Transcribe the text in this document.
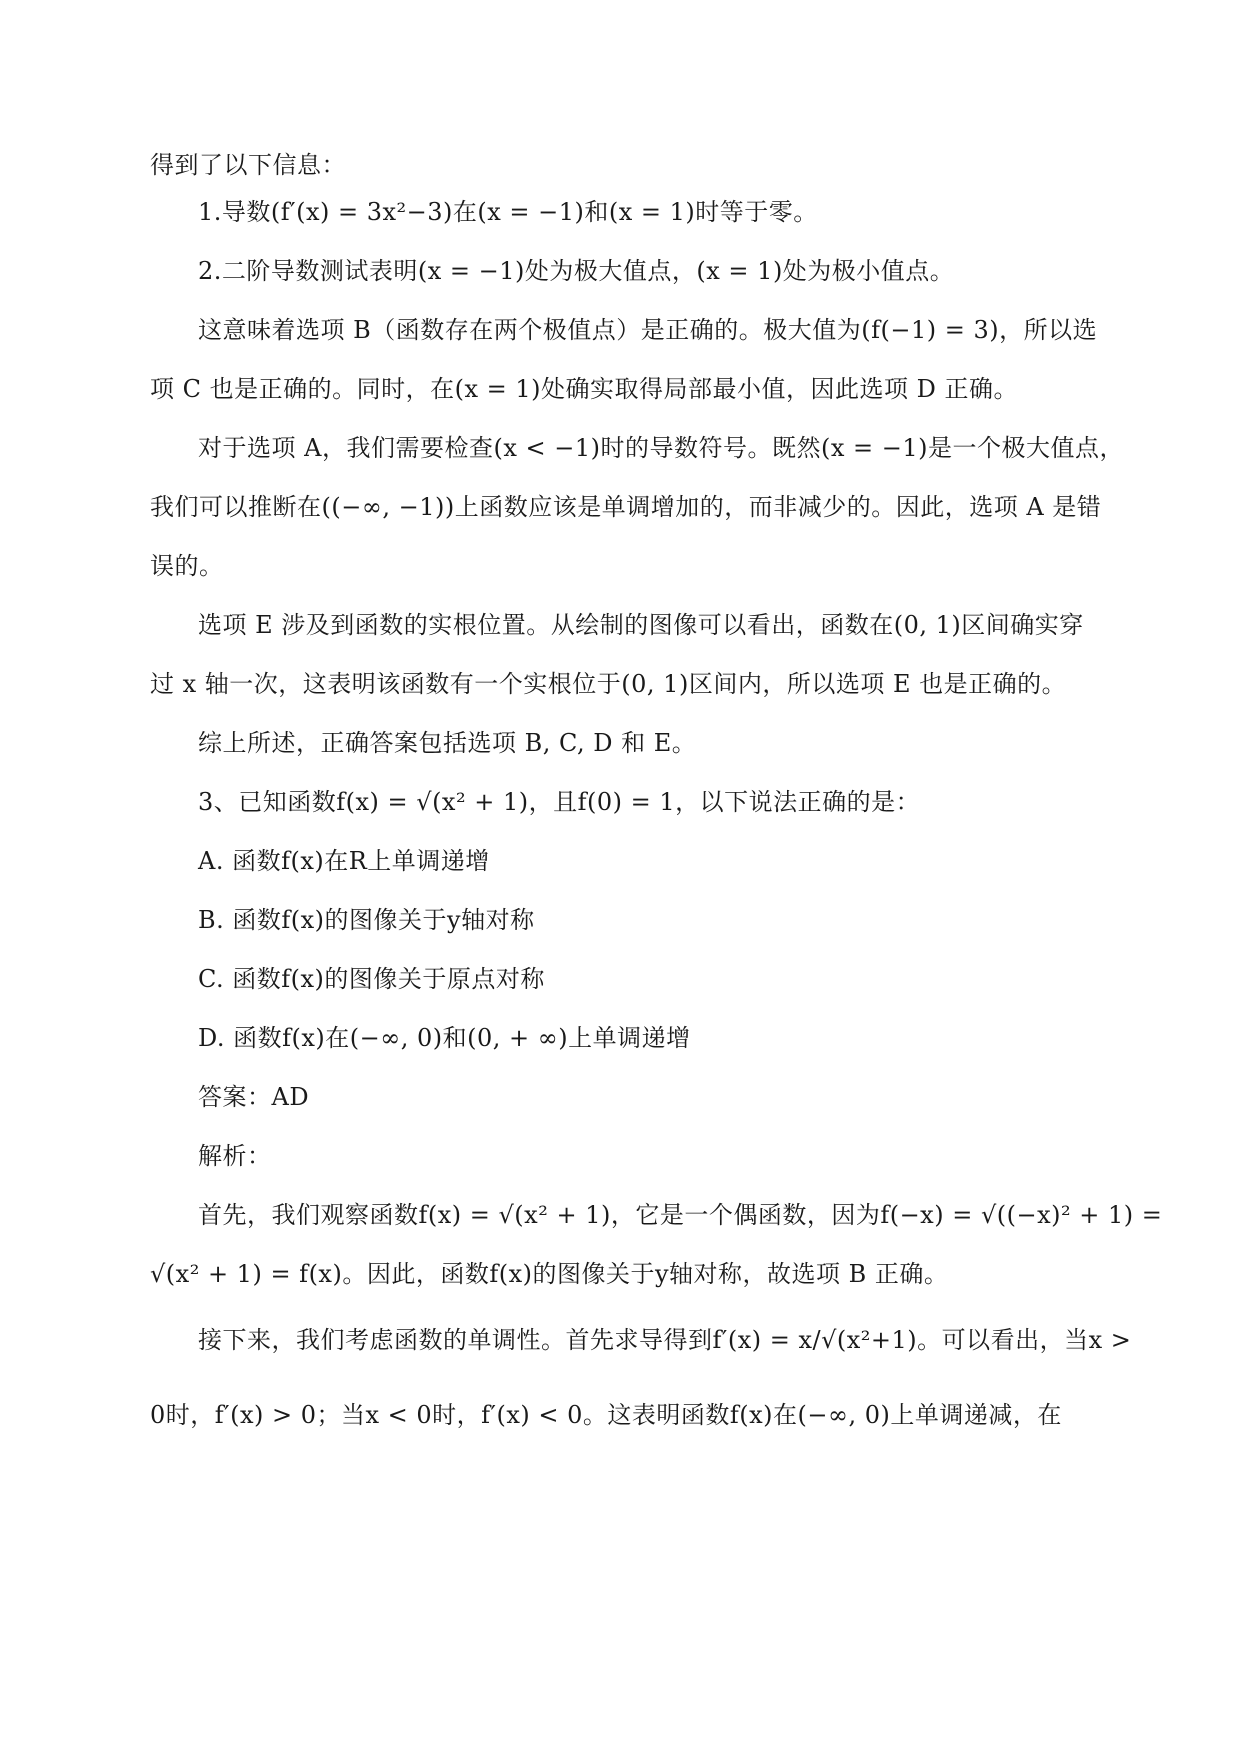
得到了以下信息：
1.导数(f′(x) = 3x²−3)在(x = −1)和(x = 1)时等于零。
2.二阶导数测试表明(x = −1)处为极大值点，(x = 1)处为极小值点。
这意味着选项 B（函数存在两个极值点）是正确的。极大值为(f(−1) = 3)，所以选
项 C 也是正确的。同时，在(x = 1)处确实取得局部最小值，因此选项 D 正确。
对于选项 A，我们需要检查(x < −1)时的导数符号。既然(x = −1)是一个极大值点，
我们可以推断在((−∞, −1))上函数应该是单调增加的，而非减少的。因此，选项 A 是错
误的。
选项 E 涉及到函数的实根位置。从绘制的图像可以看出，函数在(0, 1)区间确实穿
过 x 轴一次，这表明该函数有一个实根位于(0, 1)区间内，所以选项 E 也是正确的。
综上所述，正确答案包括选项 B, C, D 和 E。
3、已知函数f(x) = √(x² + 1)，且f(0) = 1，以下说法正确的是：
A. 函数f(x)在R上单调递增
B. 函数f(x)的图像关于y轴对称
C. 函数f(x)的图像关于原点对称
D. 函数f(x)在(−∞, 0)和(0, + ∞)上单调递增
答案：AD
解析：
首先，我们观察函数f(x) = √(x² + 1)，它是一个偶函数，因为f(−x) = √((−x)² + 1) =
√(x² + 1) = f(x)。因此，函数f(x)的图像关于y轴对称，故选项 B 正确。
接下来，我们考虑函数的单调性。首先求导得到f′(x) = x/√(x²+1)。可以看出，当x >
0时，f′(x) > 0；当x < 0时，f′(x) < 0。这表明函数f(x)在(−∞, 0)上单调递减，在
